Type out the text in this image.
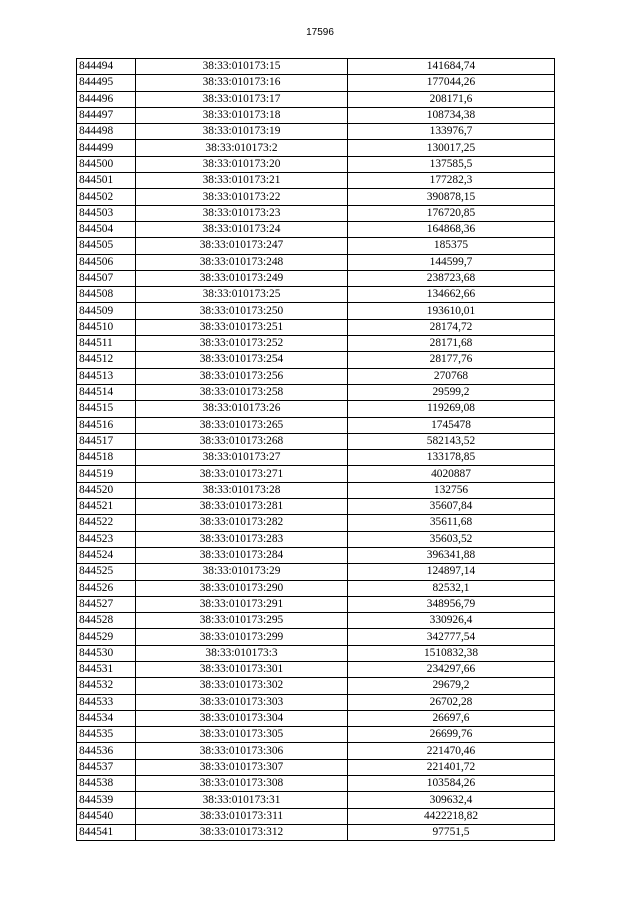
17596
844494	38:33:010173:15	141684,74
844495	38:33:010173:16	177044,26
844496	38:33:010173:17	208171,6
844497	38:33:010173:18	108734,38
844498	38:33:010173:19	133976,7
844499	38:33:010173:2	130017,25
844500	38:33:010173:20	137585,5
844501	38:33:010173:21	177282,3
844502	38:33:010173:22	390878,15
844503	38:33:010173:23	176720,85
844504	38:33:010173:24	164868,36
844505	38:33:010173:247	185375
844506	38:33:010173:248	144599,7
844507	38:33:010173:249	238723,68
844508	38:33:010173:25	134662,66
844509	38:33:010173:250	193610,01
844510	38:33:010173:251	28174,72
844511	38:33:010173:252	28171,68
844512	38:33:010173:254	28177,76
844513	38:33:010173:256	270768
844514	38:33:010173:258	29599,2
844515	38:33:010173:26	119269,08
844516	38:33:010173:265	1745478
844517	38:33:010173:268	582143,52
844518	38:33:010173:27	133178,85
844519	38:33:010173:271	4020887
844520	38:33:010173:28	132756
844521	38:33:010173:281	35607,84
844522	38:33:010173:282	35611,68
844523	38:33:010173:283	35603,52
844524	38:33:010173:284	396341,88
844525	38:33:010173:29	124897,14
844526	38:33:010173:290	82532,1
844527	38:33:010173:291	348956,79
844528	38:33:010173:295	330926,4
844529	38:33:010173:299	342777,54
844530	38:33:010173:3	1510832,38
844531	38:33:010173:301	234297,66
844532	38:33:010173:302	29679,2
844533	38:33:010173:303	26702,28
844534	38:33:010173:304	26697,6
844535	38:33:010173:305	26699,76
844536	38:33:010173:306	221470,46
844537	38:33:010173:307	221401,72
844538	38:33:010173:308	103584,26
844539	38:33:010173:31	309632,4
844540	38:33:010173:311	4422218,82
844541	38:33:010173:312	97751,5
